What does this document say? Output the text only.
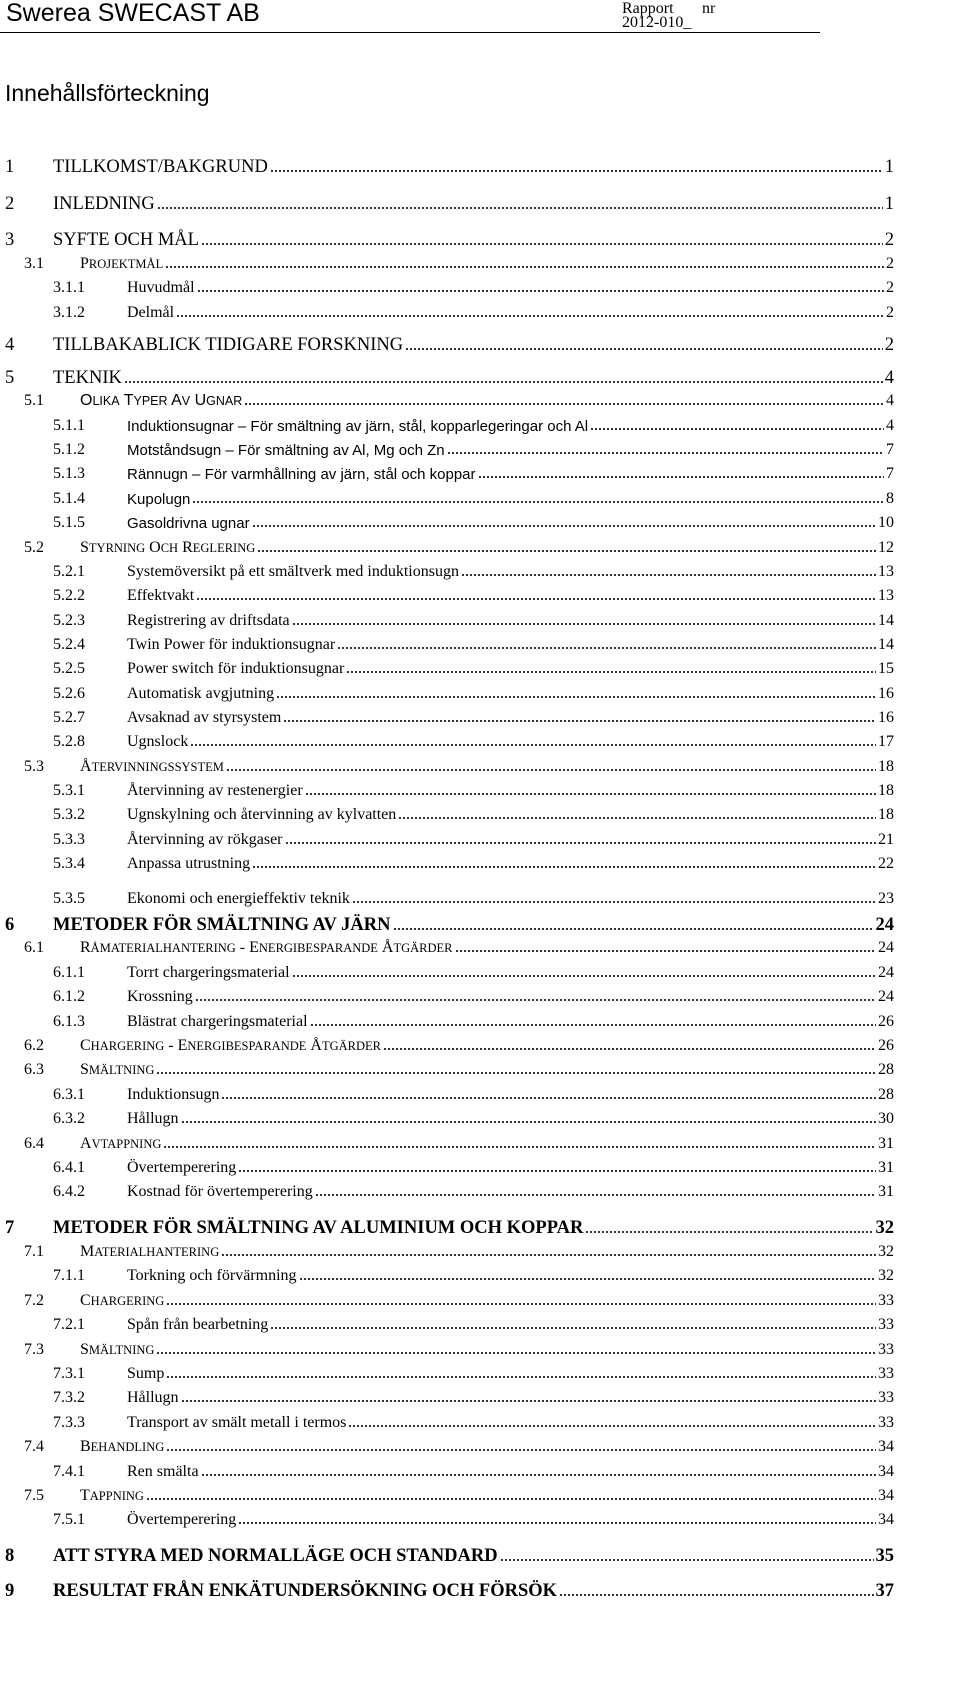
Swerea SWECAST AB	Rapport nr
2012-010_
Innehållsförteckning
1 TILLKOMST/BAKGRUND	1
2 INLEDNING	1
3 SYFTE OCH MÅL	2
3.1 PROJEKTMÅL	2
3.1.1	Huvudmål	2
3.1.2	Delmål	2
4 TILLBAKABLICK TIDIGARE FORSKNING	2
5 TEKNIK	4
5.1 OLIKA TYPER AV UGNAR	4
5.1.1	Induktionsugnar – För smältning av järn, stål, kopparlegeringar och Al	4
5.1.2	Motståndsugn – För smältning av Al, Mg och Zn	7
5.1.3	Rännugn – För varmhållning av järn, stål och koppar	7
5.1.4	Kupolugn	8
5.1.5	Gasoldrivna ugnar	10
5.2 STYRNING OCH REGLERING	12
5.2.1	Systemöversikt på ett smältverk med induktionsugn	13
5.2.2	Effektvakt	13
5.2.3	Registrering av driftsdata	14
5.2.4	Twin Power för induktionsugnar	14
5.2.5	Power switch för induktionsugnar	15
5.2.6	Automatisk avgjutning	16
5.2.7	Avsaknad av styrsystem	16
5.2.8	Ugnslock	17
5.3 ÅTERVINNINGSSYSTEM	18
5.3.1	Återvinning av restenergier	18
5.3.2	Ugnskylning och återvinning av kylvatten	18
5.3.3	Återvinning av rökgaser	21
5.3.4	Anpassa utrustning	22
5.3.5	Ekonomi och energieffektiv teknik	23
6 METODER FÖR SMÄLTNING AV JÄRN	24
6.1 RÅMATERIALHANTERING - ENERGIBESPARANDE ÅTGÄRDER	24
6.1.1	Torrt chargeringsmaterial	24
6.1.2	Krossning	24
6.1.3	Blästrat chargeringsmaterial	26
6.2 CHARGERING - ENERGIBESPARANDE ÅTGÄRDER	26
6.3 SMÄLTNING	28
6.3.1	Induktionsugn	28
6.3.2	Hållugn	30
6.4 AVTAPPNING	31
6.4.1	Övertemperering	31
6.4.2	Kostnad för övertemperering	31
7 METODER FÖR SMÄLTNING AV ALUMINIUM OCH KOPPAR	32
7.1 MATERIALHANTERING	32
7.1.1	Torkning och förvärmning	32
7.2 CHARGERING	33
7.2.1	Spån från bearbetning	33
7.3 SMÄLTNING	33
7.3.1	Sump	33
7.3.2	Hållugn	33
7.3.3	Transport av smält metall i termos	33
7.4 BEHANDLING	34
7.4.1	Ren smälta	34
7.5 TAPPNING	34
7.5.1	Övertemperering	34
8 ATT STYRA MED NORMALLÄGE OCH STANDARD	35
9 RESULTAT FRÅN ENKÄTUNDERSÖKNING OCH FÖRSÖK	37
